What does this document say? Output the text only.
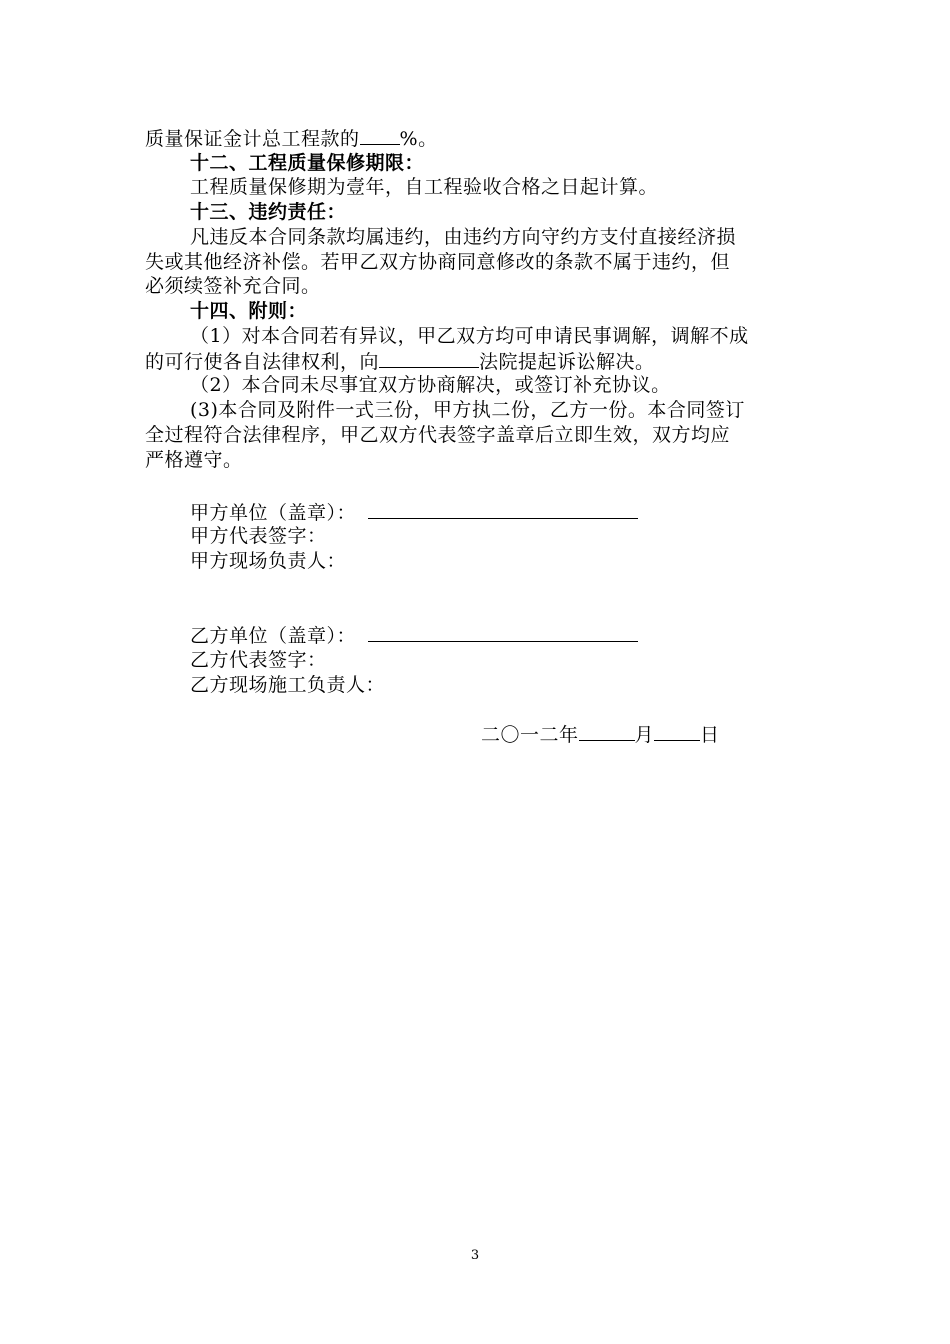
质量保证金计总工程款的 %。
十二、工程质量保修期限：
工程质量保修期为壹年，自工程验收合格之日起计算。
十三、违约责任：
凡违反本合同条款均属违约，由违约方向守约方支付直接经济损
失或其他经济补偿。若甲乙双方协商同意修改的条款不属于违约，但
必须续签补充合同。
十四、附则：
（1）对本合同若有异议，甲乙双方均可申请民事调解，调解不成
的可行使各自法律权利，向	法院提起诉讼解决。
（2）本合同未尽事宜双方协商解决，或签订补充协议。
(3)本合同及附件一式三份，甲方执二份，乙方一份。本合同签订
全过程符合法律程序，甲乙双方代表签字盖章后立即生效，双方均应
严格遵守。
甲方单位（盖章）：
甲方代表签字：
甲方现场负责人：
乙方单位（盖章）：
乙方代表签字：
乙方现场施工负责人：
二〇一二年	月 日
3
